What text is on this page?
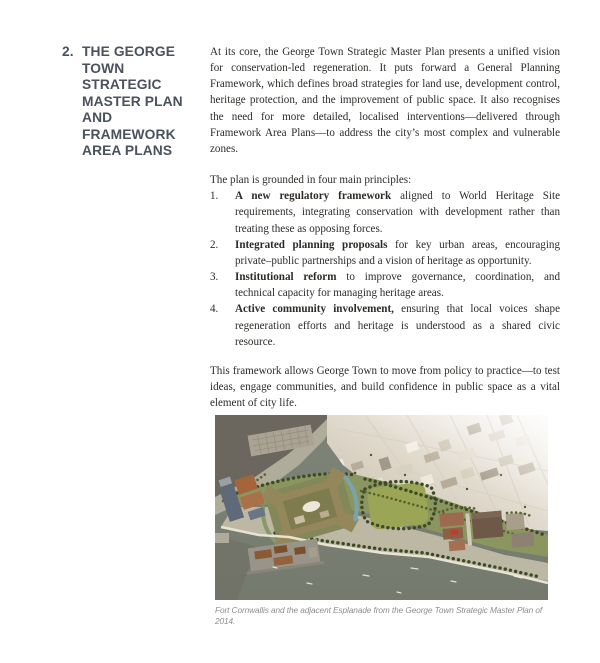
2. THE GEORGE
TOWN
STRATEGIC
MASTER PLAN
AND
FRAMEWORK
AREA PLANS

At its core, the George Town Strategic Master Plan presents a unified vision for conservation-led regeneration. It puts forward a General Planning Framework, which defines broad strategies for land use, development control, heritage protection, and the improvement of public space. It also recognises the need for more detailed, localised interventions—delivered through Framework Area Plans—to address the city’s most complex and vulnerable zones.

The plan is grounded in four main principles:

1.	A new regulatory framework aligned to World Heritage Site requirements, integrating conservation with development rather than treating these as opposing forces.
2.	Integrated planning proposals for key urban areas, encouraging private–public partnerships and a vision of heritage as opportunity.
3.	Institutional reform to improve governance, coordination, and technical capacity for managing heritage areas.
4.	Active community involvement, ensuring that local voices shape regeneration efforts and heritage is understood as a shared civic resource.

This framework allows George Town to move from policy to practice—to test ideas, engage communities, and build confidence in public space as a vital element of city life.

Fort Cornwallis and the adjacent Esplanade from the George Town Strategic Master Plan of 2014.
